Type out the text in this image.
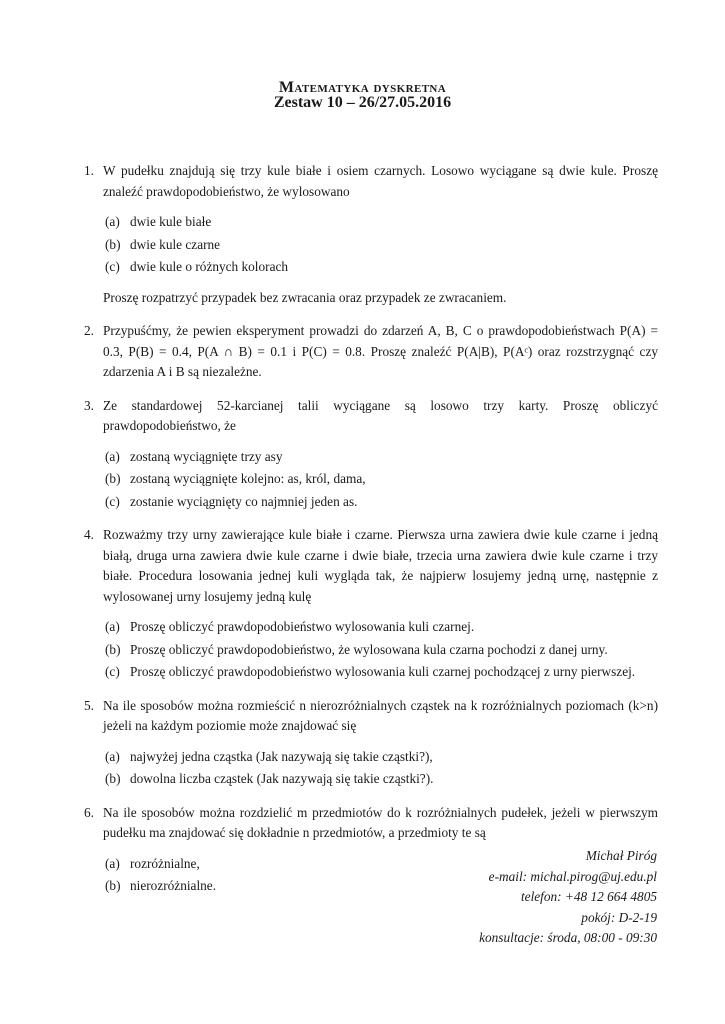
Matematyka dyskretna
Zestaw 10 – 26/27.05.2016
1. W pudełku znajdują się trzy kule białe i osiem czarnych. Losowo wyciągane są dwie kule. Proszę znaleźć prawdopodobieństwo, że wylosowano
(a) dwie kule białe
(b) dwie kule czarne
(c) dwie kule o różnych kolorach
Proszę rozpatrzyć przypadek bez zwracania oraz przypadek ze zwracaniem.
2. Przypuśćmy, że pewien eksperyment prowadzi do zdarzeń A, B, C o prawdopodobieństwach P(A) = 0.3, P(B) = 0.4, P(A ∩ B) = 0.1 i P(C) = 0.8. Proszę znaleźć P(A|B), P(Aᶜ) oraz rozstrzygnąć czy zdarzenia A i B są niezależne.
3. Ze standardowej 52-karcianej talii wyciągane są losowo trzy karty. Proszę obliczyć prawdopodobieństwo, że
(a) zostaną wyciągnięte trzy asy
(b) zostaną wyciągnięte kolejno: as, król, dama,
(c) zostanie wyciągnięty co najmniej jeden as.
4. Rozważmy trzy urny zawierające kule białe i czarne. Pierwsza urna zawiera dwie kule czarne i jedną białą, druga urna zawiera dwie kule czarne i dwie białe, trzecia urna zawiera dwie kule czarne i trzy białe. Procedura losowania jednej kuli wygląda tak, że najpierw losujemy jedną urnę, następnie z wylosowanej urny losujemy jedną kulę
(a) Proszę obliczyć prawdopodobieństwo wylosowania kuli czarnej.
(b) Proszę obliczyć prawdopodobieństwo, że wylosowana kula czarna pochodzi z danej urny.
(c) Proszę obliczyć prawdopodobieństwo wylosowania kuli czarnej pochodzącej z urny pierwszej.
5. Na ile sposobów można rozmieścić n nierozróżnialnych cząstek na k rozróżnialnych poziomach (k>n) jeżeli na każdym poziomie może znajdować się
(a) najwyżej jedna cząstka (Jak nazywają się takie cząstki?),
(b) dowolna liczba cząstek (Jak nazywają się takie cząstki?).
6. Na ile sposobów można rozdzielić m przedmiotów do k rozróżnialnych pudełek, jeżeli w pierwszym pudełku ma znajdować się dokładnie n przedmiotów, a przedmioty te są
(a) rozróżnialne,
(b) nierozróżnialne.
Michał Piróg
e-mail: michal.pirog@uj.edu.pl
telefon: +48 12 664 4805
pokój: D-2-19
konsultacje: środa, 08:00 - 09:30
